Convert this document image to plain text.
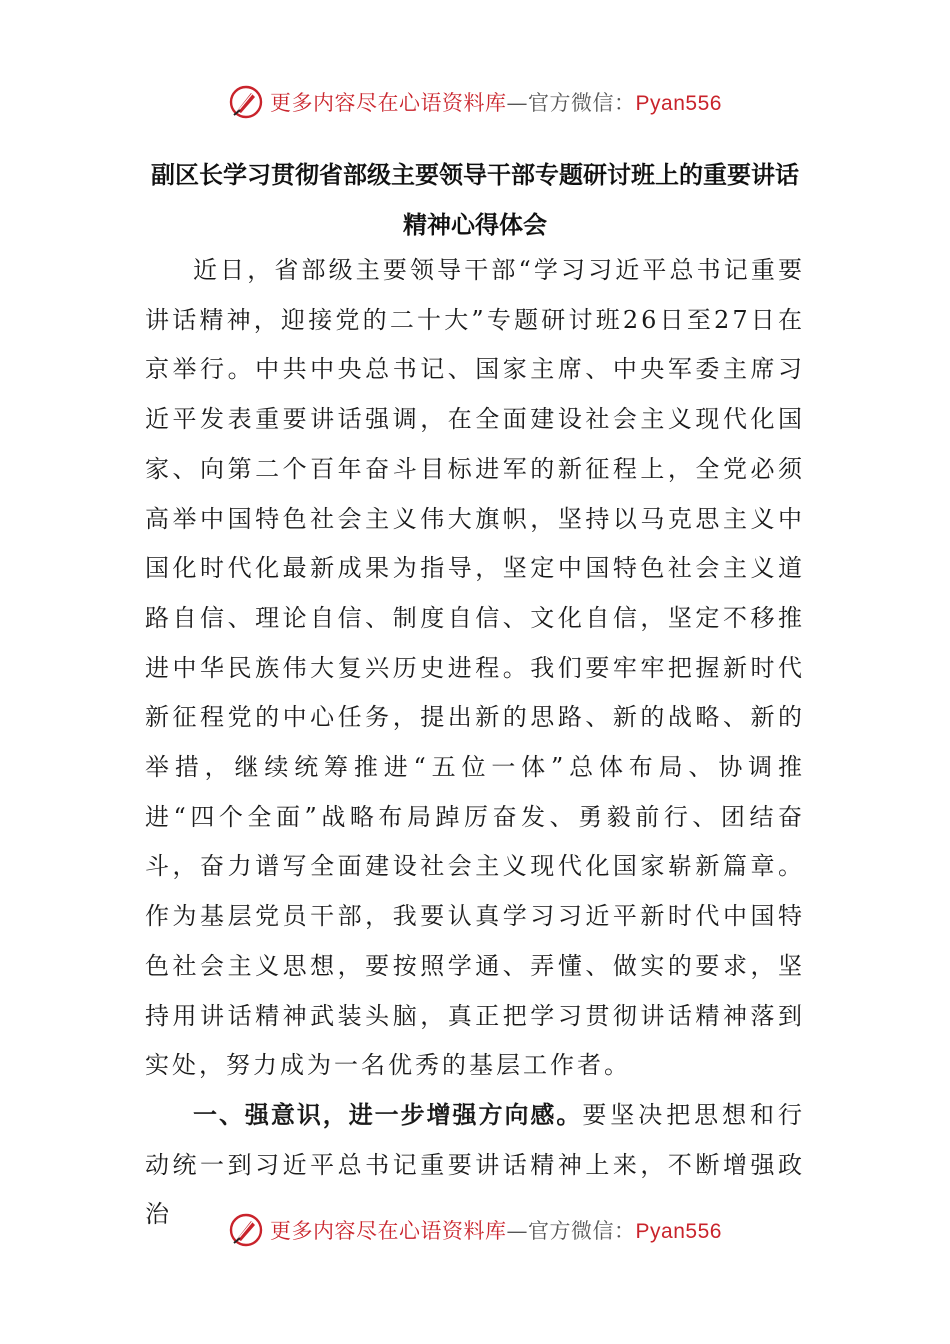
更多内容尽在心语资料库—官方微信：Pyan556
副区长学习贯彻省部级主要领导干部专题研讨班上的重要讲话精神心得体会

近日，省部级主要领导干部“学习习近平总书记重要讲话精神，迎接党的二十大”专题研讨班26日至27日在京举行。中共中央总书记、国家主席、中央军委主席习近平发表重要讲话强调，在全面建设社会主义现代化国家、向第二个百年奋斗目标进军的新征程上，全党必须高举中国特色社会主义伟大旗帜，坚持以马克思主义中国化时代化最新成果为指导，坚定中国特色社会主义道路自信、理论自信、制度自信、文化自信，坚定不移推进中华民族伟大复兴历史进程。我们要牢牢把握新时代新征程党的中心任务，提出新的思路、新的战略、新的举措，继续统筹推进“五位一体”总体布局、协调推进“四个全面”战略布局踔厉奋发、勇毅前行、团结奋斗，奋力谱写全面建设社会主义现代化国家崭新篇章。作为基层党员干部，我要认真学习习近平新时代中国特色社会主义思想，要按照学通、弄懂、做实的要求，坚持用讲话精神武装头脑，真正把学习贯彻讲话精神落到实处，努力成为一名优秀的基层工作者。

一、强意识，进一步增强方向感。要坚决把思想和行动统一到习近平总书记重要讲话精神上来，不断增强政治

更多内容尽在心语资料库—官方微信：Pyan556
